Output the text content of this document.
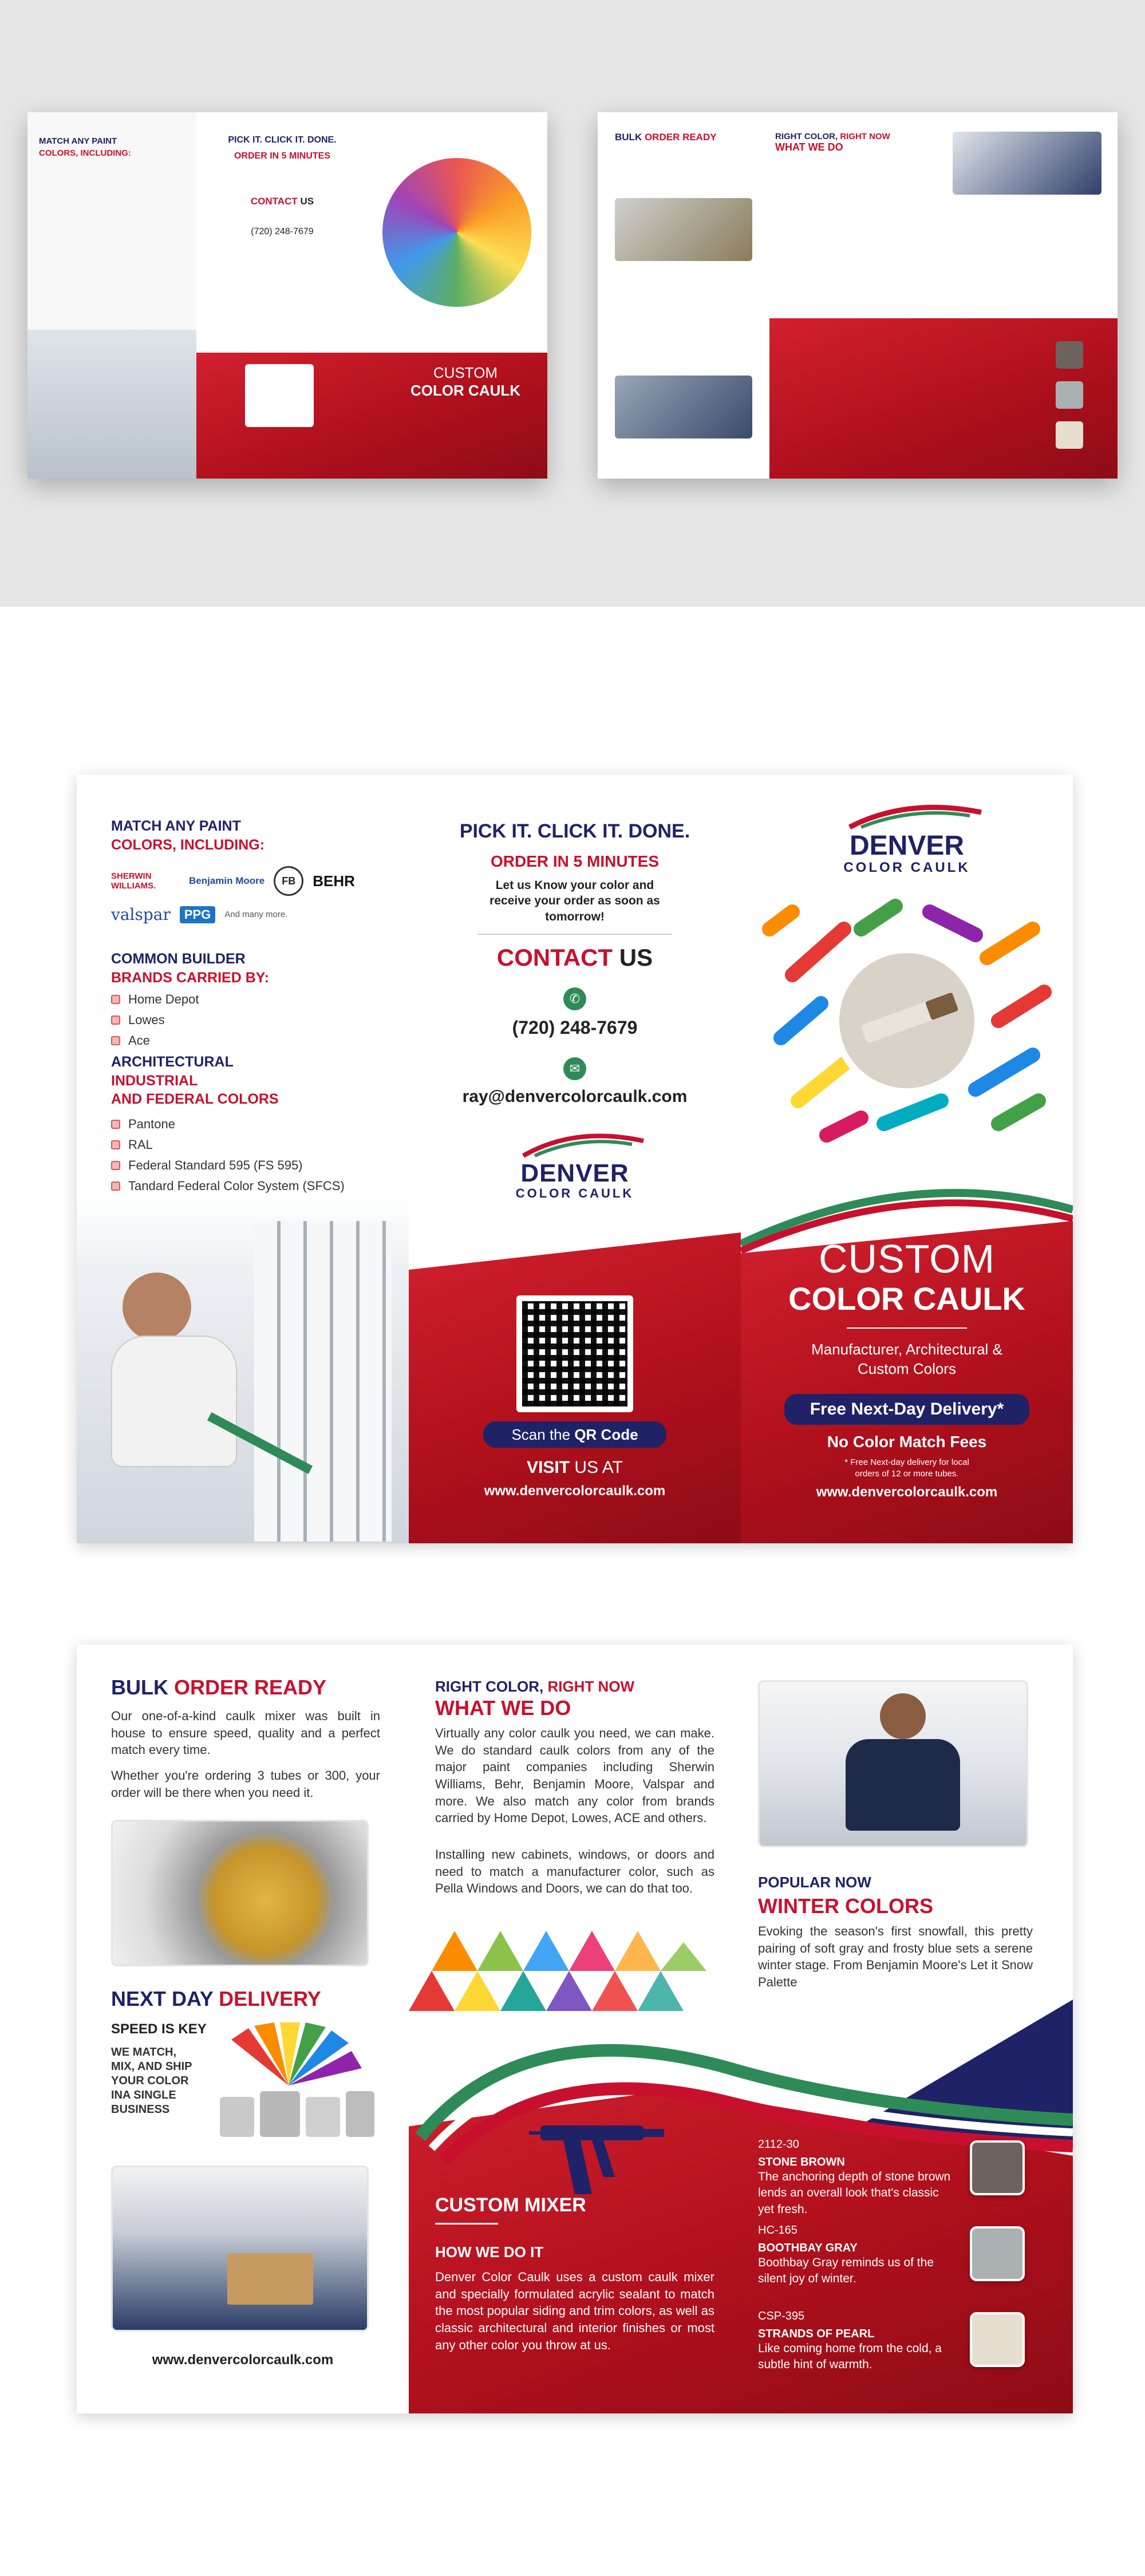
MATCH ANY PAINT
COLORS, INCLUDING:
PICK IT. CLICK IT. DONE.
ORDER IN 5 MINUTES
CONTACT US
(720) 248-7679
CUSTOM
COLOR CAULK
BULK ORDER READY	RIGHT COLOR, RIGHT NOW
WHAT WE DO
MATCH ANY PAINT
COLORS, INCLUDING:
SHERWIN WILLIAMS.	Benjamin Moore	FB	BEHR
valspar	PPG	And many more.
COMMON BUILDER
BRANDS CARRIED BY:
Home Depot
Lowes
Ace
ARCHITECTURAL
INDUSTRIAL
AND FEDERAL COLORS
Pantone
RAL
Federal Standard 595 (FS 595)
Tandard Federal Color System (SFCS)
PICK IT. CLICK IT. DONE.
ORDER IN 5 MINUTES
Let us Know your color and receive your order as soon as tomorrow!
CONTACT US
✆
(720) 248-7679
✉
ray@denvercolorcaulk.com
DENVER
COLOR CAULK
Scan the QR Code
VISIT US AT
www.denvercolorcaulk.com
DENVER
COLOR CAULK
CUSTOM
COLOR CAULK
Manufacturer, Architectural & Custom Colors
Free Next-Day Delivery*
No Color Match Fees
* Free Next-day delivery for local orders of 12 or more tubes.
www.denvercolorcaulk.com
BULK ORDER READY
Our one-of-a-kind caulk mixer was built in house to ensure speed, quality and a perfect match every time.
Whether you're ordering 3 tubes or 300, your order will be there when you need it.
NEXT DAY DELIVERY
SPEED IS KEY
WE MATCH, MIX, AND SHIP YOUR COLOR INA SINGLE BUSINESS
www.denvercolorcaulk.com
RIGHT COLOR, RIGHT NOW
WHAT WE DO
Virtually any color caulk you need, we can make. We do standard caulk colors from any of the major paint companies including Sherwin Williams, Behr, Benjamin Moore, Valspar and more. We also match any color from brands carried by Home Depot, Lowes, ACE and others.
Installing new cabinets, windows, or doors and need to match a manufacturer color, such as Pella Windows and Doors, we can do that too.	POPULAR NOW
WINTER COLORS
Evoking the season's first snowfall, this pretty pairing of soft gray and frosty blue sets a serene winter stage. From Benjamin Moore's Let it Snow Palette
CUSTOM MIXER
HOW WE DO IT
Denver Color Caulk uses a custom caulk mixer and specially formulated acrylic sealant to match the most popular siding and trim colors, as well as classic architectural and interior finishes or most any other color you throw at us.
2112-30
STONE BROWN
The anchoring depth of stone brown lends an overall look that's classic yet fresh.
HC-165
BOOTHBAY GRAY
Boothbay Gray reminds us of the silent joy of winter.
CSP-395
STRANDS OF PEARL
Like coming home from the cold, a subtle hint of warmth.
